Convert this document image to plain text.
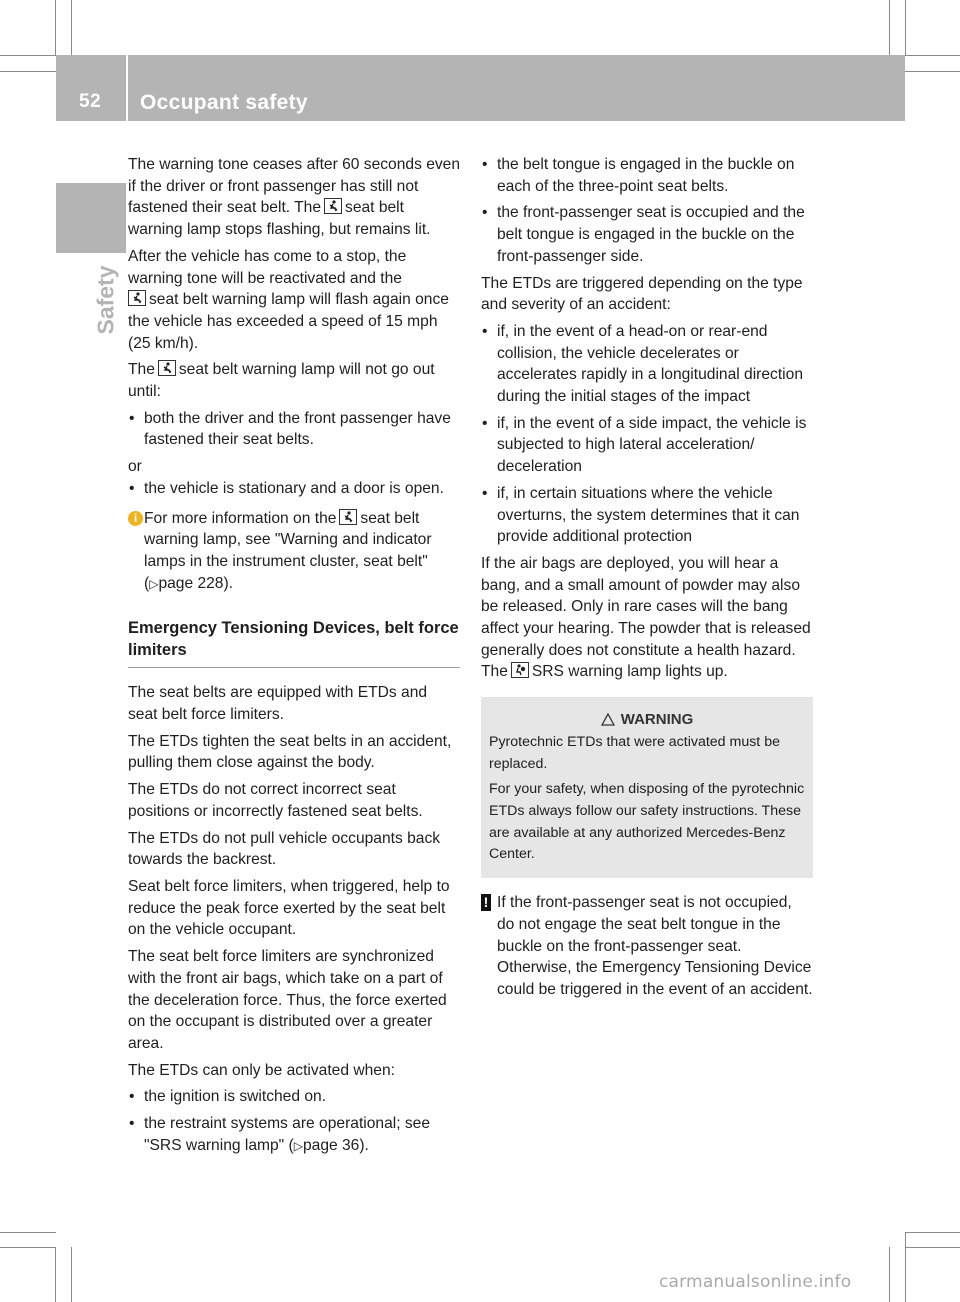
52	Occupant safety
Safety

The warning tone ceases after 60 seconds even if the driver or front passenger has still not fastened their seat belt. The seat belt warning lamp stops flashing, but remains lit.

After the vehicle has come to a stop, the warning tone will be reactivated and the

seat belt warning lamp will flash again once the vehicle has exceeded a speed of 15 mph (25 km/h).

The seat belt warning lamp will not go out until:

• both the driver and the front passenger have fastened their seat belts.

or

• the vehicle is stationary and a door is open.
i For more information on the seat belt warning lamp, see "Warning and indicator lamps in the instrument cluster, seat belt" (▷page 228).
Emergency Tensioning Devices, belt force limiters

The seat belts are equipped with ETDs and seat belt force limiters.

The ETDs tighten the seat belts in an accident, pulling them close against the body.

The ETDs do not correct incorrect seat positions or incorrectly fastened seat belts.

The ETDs do not pull vehicle occupants back towards the backrest.

Seat belt force limiters, when triggered, help to reduce the peak force exerted by the seat belt on the vehicle occupant.

The seat belt force limiters are synchronized with the front air bags, which take on a part of the deceleration force. Thus, the force exerted on the occupant is distributed over a greater area.

The ETDs can only be activated when:

• the ignition is switched on.
• the restraint systems are operational; see "SRS warning lamp" (▷page 36).
• the belt tongue is engaged in the buckle on each of the three-point seat belts.
• the front-passenger seat is occupied and the belt tongue is engaged in the buckle on the front-passenger side.

The ETDs are triggered depending on the type and severity of an accident:

• if, in the event of a head-on or rear-end collision, the vehicle decelerates or accelerates rapidly in a longitudinal direction during the initial stages of the impact
• if, in the event of a side impact, the vehicle is subjected to high lateral acceleration/ deceleration
• if, in certain situations where the vehicle overturns, the system determines that it can provide additional protection

If the air bags are deployed, you will hear a bang, and a small amount of powder may also be released. Only in rare cases will the bang affect your hearing. The powder that is released generally does not constitute a health hazard. The SRS warning lamp lights up.

WARNING

Pyrotechnic ETDs that were activated must be replaced.

For your safety, when disposing of the pyrotechnic ETDs always follow our safety instructions. These are available at any authorized Mercedes-Benz Center.

! If the front-passenger seat is not occupied, do not engage the seat belt tongue in the buckle on the front-passenger seat. Otherwise, the Emergency Tensioning Device could be triggered in the event of an accident.
carmanualsonline.info
